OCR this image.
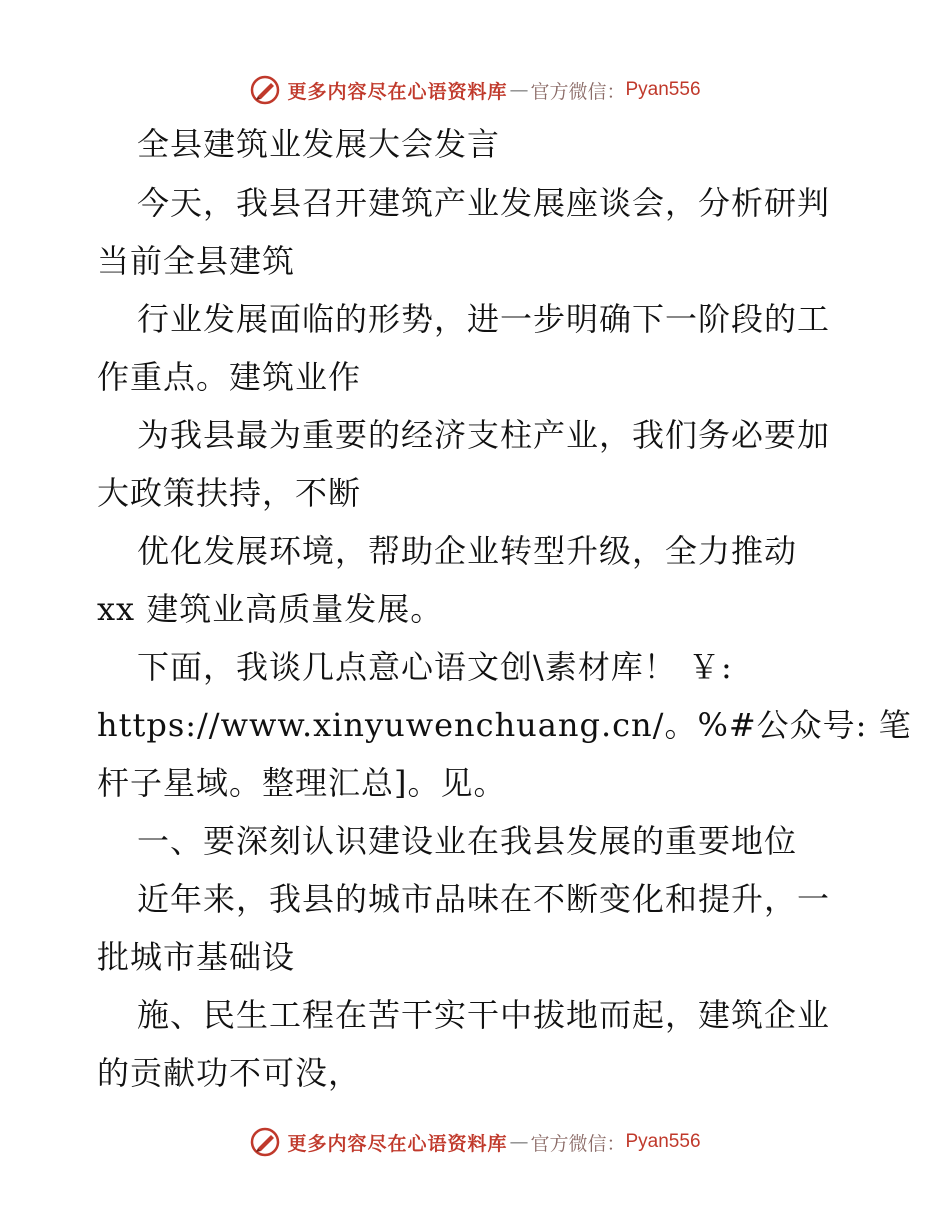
更多内容尽在心语资料库 — 官方微信： Pyan556
全县建筑业发展大会发言
今天，我县召开建筑产业发展座谈会，分析研判
当前全县建筑
行业发展面临的形势，进一步明确下一阶段的工
作重点。建筑业作
为我县最为重要的经济支柱产业，我们务必要加
大政策扶持，不断
优化发展环境，帮助企业转型升级，全力推动
xx 建筑业高质量发展。
下面，我谈几点意心语文创\素材库！ ￥:
https://www.xinyuwenchuang.cn/。%#公众号: 笔
杆子星域。整理汇总]。见。
一、要深刻认识建设业在我县发展的重要地位
近年来，我县的城市品味在不断变化和提升，一
批城市基础设
施、民生工程在苦干实干中拔地而起，建筑企业
的贡献功不可没，
更多内容尽在心语资料库 — 官方微信： Pyan556
